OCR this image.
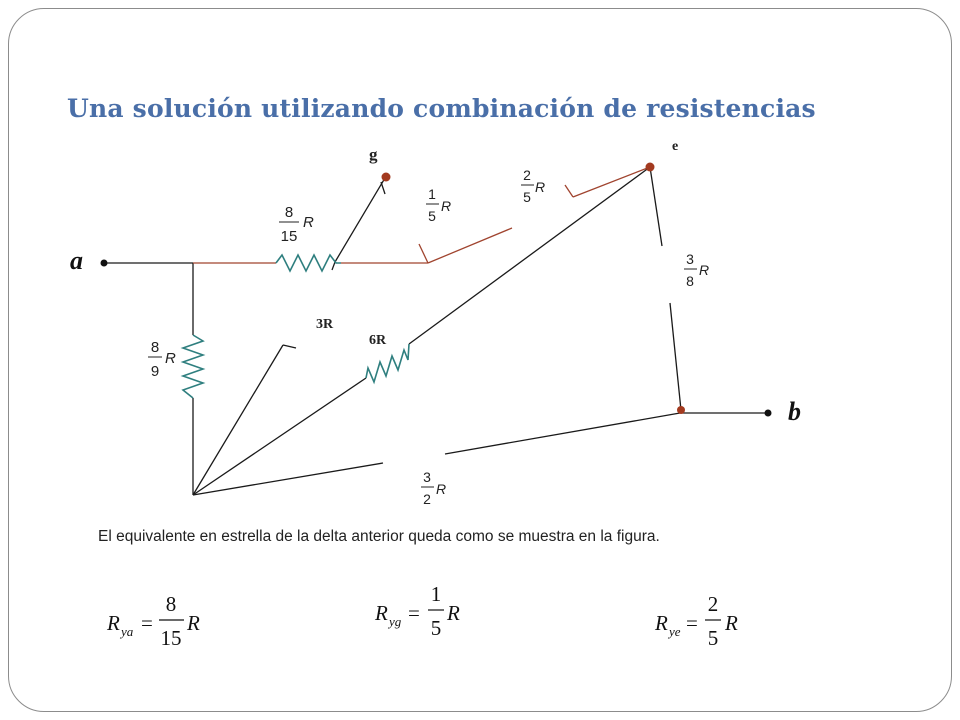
Una solución utilizando combinación de resistencias
a
b
g	e
8
15
R
1
5
R
2
5
R
3
8
R
8
9
R
3
2
R
3R
6R
R ya =
8
15
R	R yg =
1
5
R	R ye =
2
5
R

El equivalente en estrella de la delta anterior queda como se muestra en la figura.
